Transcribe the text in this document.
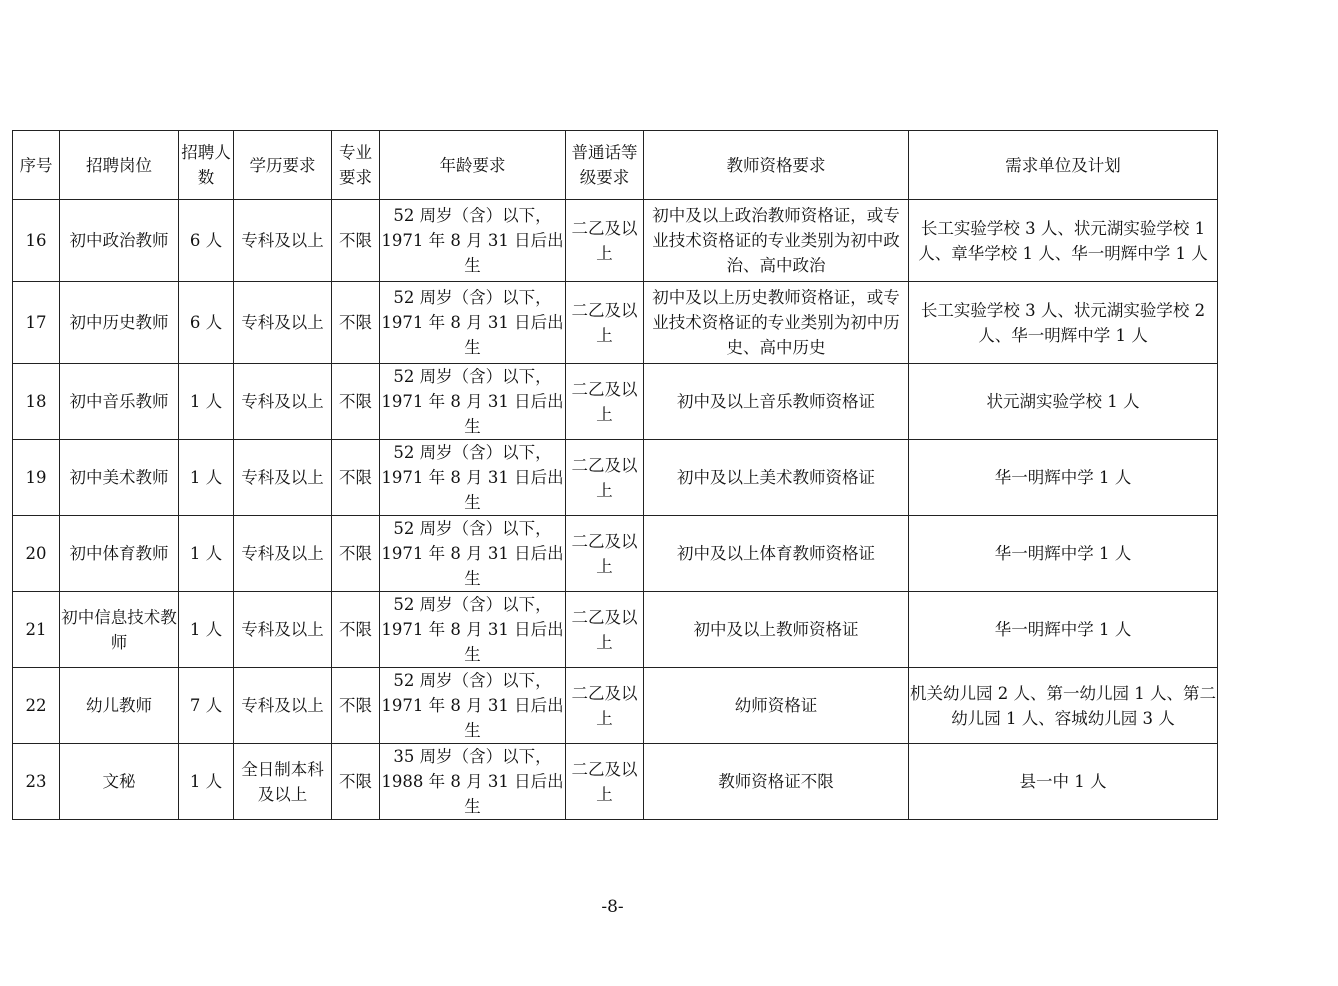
序号	招聘岗位	招聘人数	学历要求	专业要求	年龄要求	普通话等级要求	教师资格要求	需求单位及计划
16	初中政治教师	6 人	专科及以上	不限	52 周岁（含）以下，1971 年 8 月 31 日后出生	二乙及以上	初中及以上政治教师资格证，或专业技术资格证的专业类别为初中政治、高中政治	长工实验学校 3 人、状元湖实验学校 1 人、章华学校 1 人、华一明辉中学 1 人
17	初中历史教师	6 人	专科及以上	不限	52 周岁（含）以下，1971 年 8 月 31 日后出生	二乙及以上	初中及以上历史教师资格证，或专业技术资格证的专业类别为初中历史、高中历史	长工实验学校 3 人、状元湖实验学校 2 人、华一明辉中学 1 人
18	初中音乐教师	1 人	专科及以上	不限	52 周岁（含）以下，1971 年 8 月 31 日后出生	二乙及以上	初中及以上音乐教师资格证	状元湖实验学校 1 人
19	初中美术教师	1 人	专科及以上	不限	52 周岁（含）以下，1971 年 8 月 31 日后出生	二乙及以上	初中及以上美术教师资格证	华一明辉中学 1 人
20	初中体育教师	1 人	专科及以上	不限	52 周岁（含）以下，1971 年 8 月 31 日后出生	二乙及以上	初中及以上体育教师资格证	华一明辉中学 1 人
21	初中信息技术教师	1 人	专科及以上	不限	52 周岁（含）以下，1971 年 8 月 31 日后出生	二乙及以上	初中及以上教师资格证	华一明辉中学 1 人
22	幼儿教师	7 人	专科及以上	不限	52 周岁（含）以下，1971 年 8 月 31 日后出生	二乙及以上	幼师资格证	机关幼儿园 2 人、第一幼儿园 1 人、第二幼儿园 1 人、容城幼儿园 3 人
23	文秘	1 人	全日制本科及以上	不限	35 周岁（含）以下，1988 年 8 月 31 日后出生	二乙及以上	教师资格证不限	县一中 1 人
-8-
